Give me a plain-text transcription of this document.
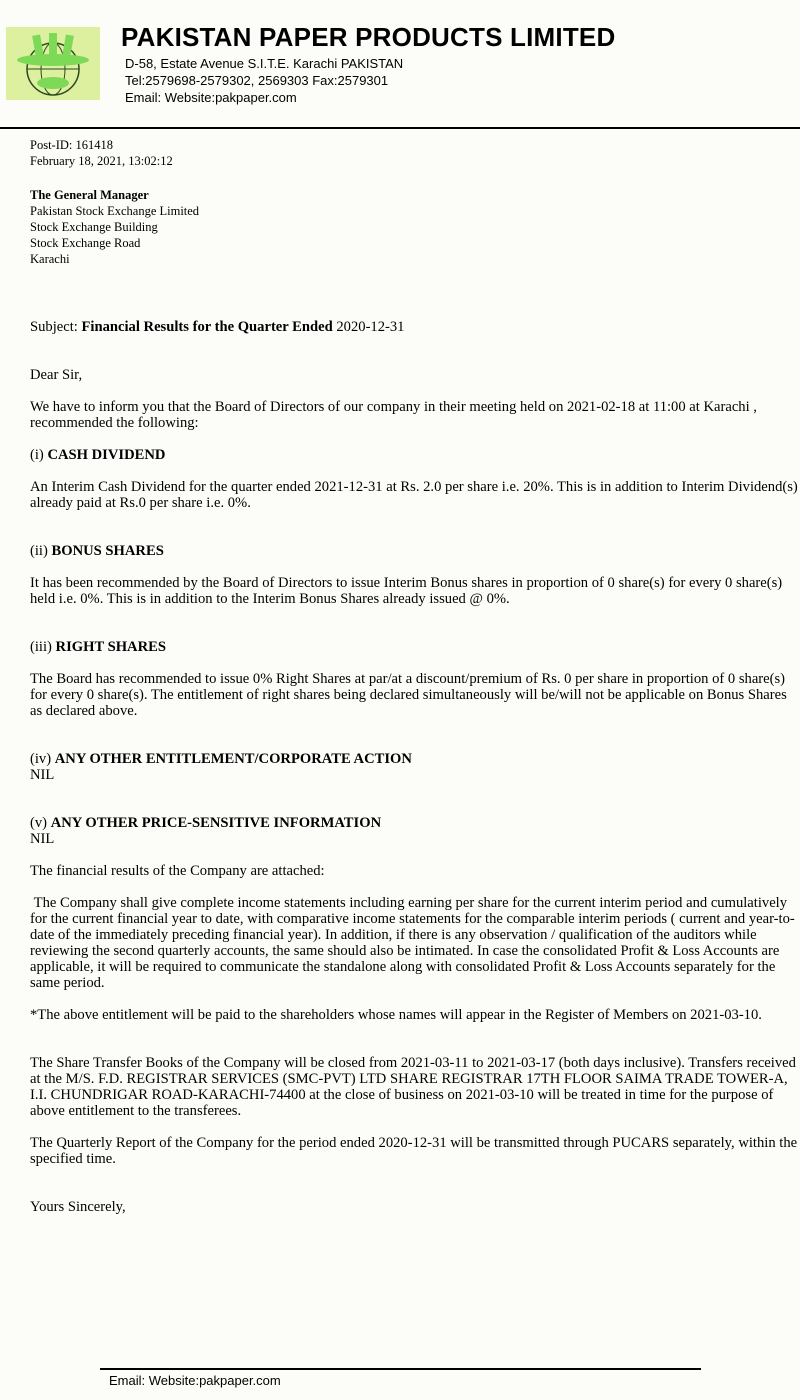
PAKISTAN PAPER PRODUCTS LIMITED
D-58, Estate Avenue S.I.T.E. Karachi PAKISTAN
Tel:2579698-2579302, 2569303 Fax:2579301
Email: Website:pakpaper.com

Post-ID: 161418

February 18, 2021, 13:02:12

The General Manager

Pakistan Stock Exchange Limited

Stock Exchange Building

Stock Exchange Road

Karachi

Subject: Financial Results for the Quarter Ended 2020-12-31
Dear Sir,
We have to inform you that the Board of Directors of our company in their meeting held on 2021-02-18 at 11:00 at Karachi , recommended the following:

(i) CASH DIVIDEND

An Interim Cash Dividend for the quarter ended 2021-12-31 at Rs. 2.0 per share i.e. 20%. This is in addition to Interim Dividend(s) already paid at Rs.0 per share i.e. 0%.

(ii) BONUS SHARES

It has been recommended by the Board of Directors to issue Interim Bonus shares in proportion of 0 share(s) for every 0 share(s) held i.e. 0%. This is in addition to the Interim Bonus Shares already issued @ 0%.

(iii) RIGHT SHARES

The Board has recommended to issue 0% Right Shares at par/at a discount/premium of Rs. 0 per share in proportion of 0 share(s) for every 0 share(s). The entitlement of right shares being declared simultaneously will be/will not be applicable on Bonus Shares as declared above.

(iv) ANY OTHER ENTITLEMENT/CORPORATE ACTION

NIL

(v) ANY OTHER PRICE-SENSITIVE INFORMATION

NIL

The financial results of the Company are attached:
The Company shall give complete income statements including earning per share for the current interim period and cumulatively for the current financial year to date, with comparative income statements for the comparable interim periods ( current and year-to-date of the immediately preceding financial year). In addition, if there is any observation / qualification of the auditors while reviewing the second quarterly accounts, the same should also be intimated. In case the consolidated Profit & Loss Accounts are applicable, it will be required to communicate the standalone along with consolidated Profit & Loss Accounts separately for the same period.
*The above entitlement will be paid to the shareholders whose names will appear in the Register of Members on 2021-03-10.
The Share Transfer Books of the Company will be closed from 2021-03-11 to 2021-03-17 (both days inclusive). Transfers received at the M/S. F.D. REGISTRAR SERVICES (SMC-PVT) LTD SHARE REGISTRAR 17TH FLOOR SAIMA TRADE TOWER-A, I.I. CHUNDRIGAR ROAD-KARACHI-74400 at the close of business on 2021-03-10 will be treated in time for the purpose of above entitlement to the transferees.
The Quarterly Report of the Company for the period ended 2020-12-31 will be transmitted through PUCARS separately, within the specified time.
Yours Sincerely,
Email: Website:pakpaper.com
